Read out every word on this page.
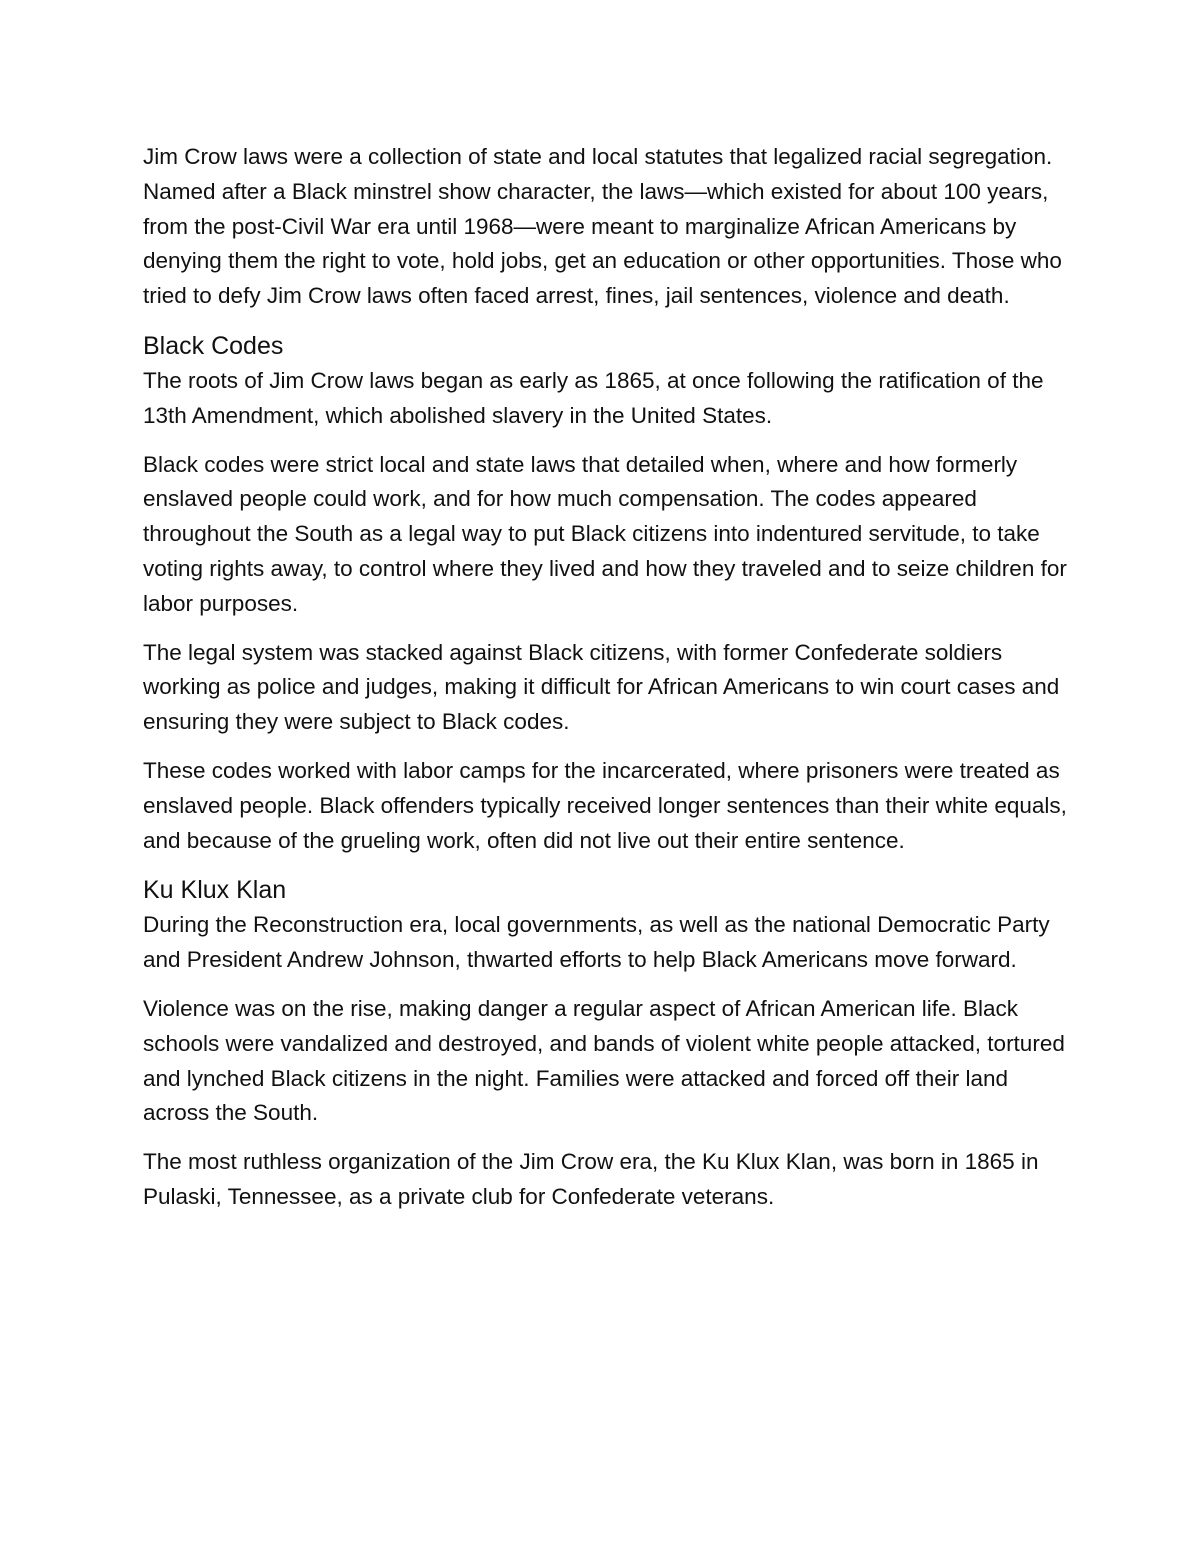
Jim Crow laws were a collection of state and local statutes that legalized racial segregation. Named after a Black minstrel show character, the laws—which existed for about 100 years, from the post-Civil War era until 1968—were meant to marginalize African Americans by denying them the right to vote, hold jobs, get an education or other opportunities. Those who tried to defy Jim Crow laws often faced arrest, fines, jail sentences, violence and death.

Black Codes

The roots of Jim Crow laws began as early as 1865, at once following the ratification of the 13th Amendment, which abolished slavery in the United States.

Black codes were strict local and state laws that detailed when, where and how formerly enslaved people could work, and for how much compensation. The codes appeared throughout the South as a legal way to put Black citizens into indentured servitude, to take voting rights away, to control where they lived and how they traveled and to seize children for labor purposes.

The legal system was stacked against Black citizens, with former Confederate soldiers working as police and judges, making it difficult for African Americans to win court cases and ensuring they were subject to Black codes.

These codes worked with labor camps for the incarcerated, where prisoners were treated as enslaved people. Black offenders typically received longer sentences than their white equals, and because of the grueling work, often did not live out their entire sentence.

Ku Klux Klan

During the Reconstruction era, local governments, as well as the national Democratic Party and President Andrew Johnson, thwarted efforts to help Black Americans move forward.

Violence was on the rise, making danger a regular aspect of African American life. Black schools were vandalized and destroyed, and bands of violent white people attacked, tortured and lynched Black citizens in the night. Families were attacked and forced off their land across the South.

The most ruthless organization of the Jim Crow era, the Ku Klux Klan, was born in 1865 in Pulaski, Tennessee, as a private club for Confederate veterans.
